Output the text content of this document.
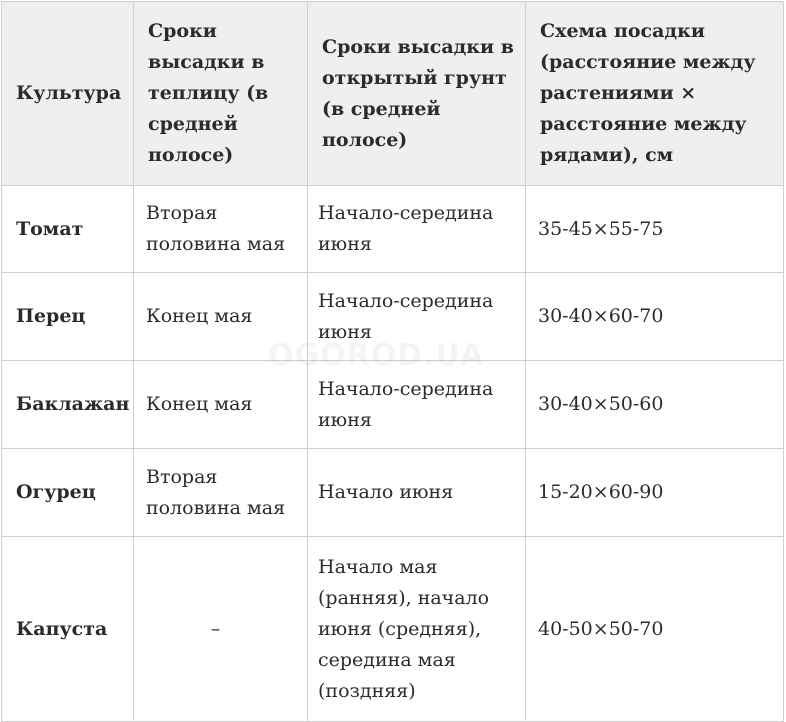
Культура	Сроки высадки в теплицу (в средней полосе)	Сроки высадки в открытый грунт (в средней полосе)	Схема посадки (расстояние между растениями × расстояние между рядами), см
Томат	Вторая половина мая	Начало-середина июня	35-45×55-75
Перец	Конец мая	Начало-середина июня	30-40×60-70
Баклажан	Конец мая	Начало-середина июня	30-40×50-60
Огурец	Вторая половина мая	Начало июня	15-20×60-90
Капуста	–	Начало мая (ранняя), начало июня (средняя), середина мая (поздняя)	40-50×50-70
